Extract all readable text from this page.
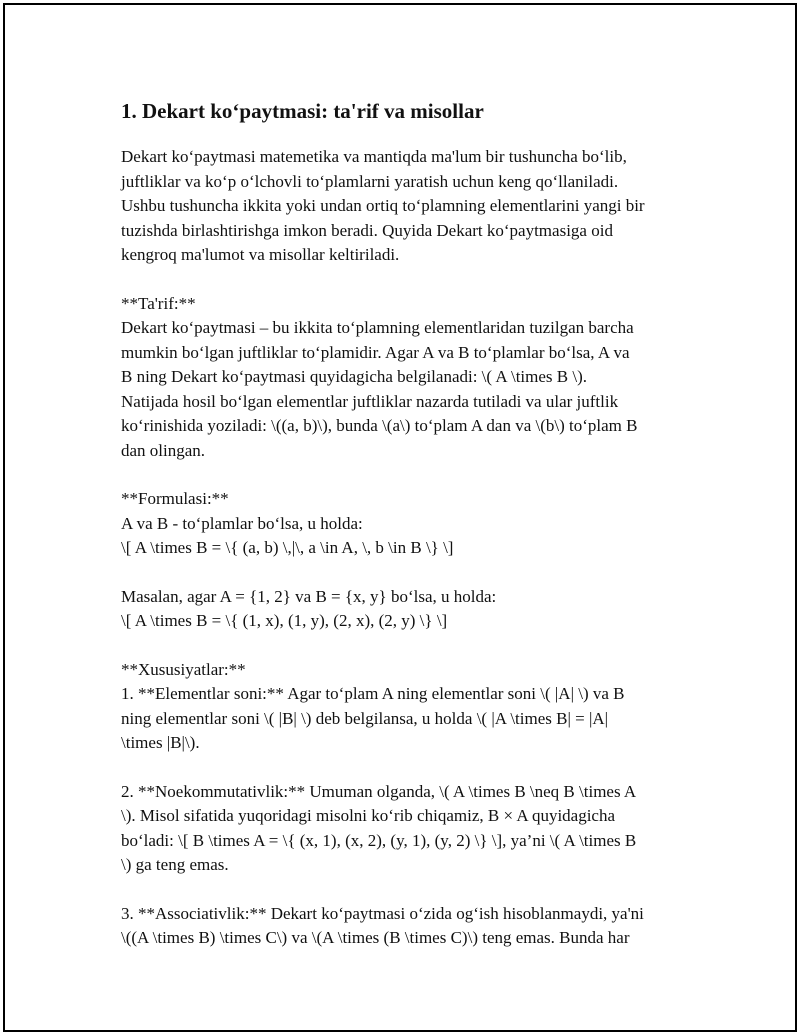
1. Dekart koʻpaytmasi: ta'rif va misollar
Dekart koʻpaytmasi matemetika va mantiqda ma'lum bir tushuncha boʻlib,
juftliklar va koʻp oʻlchovli toʻplamlarni yaratish uchun keng qoʻllaniladi.
Ushbu tushuncha ikkita yoki undan ortiq toʻplamning elementlarini yangi bir
tuzishda birlashtirishga imkon beradi. Quyida Dekart koʻpaytmasiga oid
kengroq ma'lumot va misollar keltiriladi.
**Ta'rif:**
Dekart koʻpaytmasi – bu ikkita toʻplamning elementlaridan tuzilgan barcha
mumkin boʻlgan juftliklar toʻplamidir. Agar A va B toʻplamlar boʻlsa, A va
B ning Dekart koʻpaytmasi quyidagicha belgilanadi: \( A \times B \).
Natijada hosil boʻlgan elementlar juftliklar nazarda tutiladi va ular juftlik
koʻrinishida yoziladi: \((a, b)\), bunda \(a\) toʻplam A dan va \(b\) toʻplam B
dan olingan.
**Formulasi:**
A va B - toʻplamlar boʻlsa, u holda:
\[ A \times B = \{ (a, b) \,|\, a \in A, \, b \in B \} \]
Masalan, agar A = {1, 2} va B = {x, y} boʻlsa, u holda:
\[ A \times B = \{ (1, x), (1, y), (2, x), (2, y) \} \]
**Xususiyatlar:**
1. **Elementlar soni:** Agar toʻplam A ning elementlar soni \( |A| \) va B
ning elementlar soni \( |B| \) deb belgilansa, u holda \( |A \times B| = |A|
\times |B|\).
2. **Noekommutativlik:** Umuman olganda, \( A \times B \neq B \times A
\). Misol sifatida yuqoridagi misolni koʻrib chiqamiz, B × A quyidagicha
boʻladi: \[ B \times A = \{ (x, 1), (x, 2), (y, 1), (y, 2) \} \], ya’ni \( A \times B
\) ga teng emas.
3. **Associativlik:** Dekart koʻpaytmasi oʻzida ogʻish hisoblanmaydi, ya'ni
\((A \times B) \times C\) va \(A \times (B \times C)\) teng emas. Bunda har
